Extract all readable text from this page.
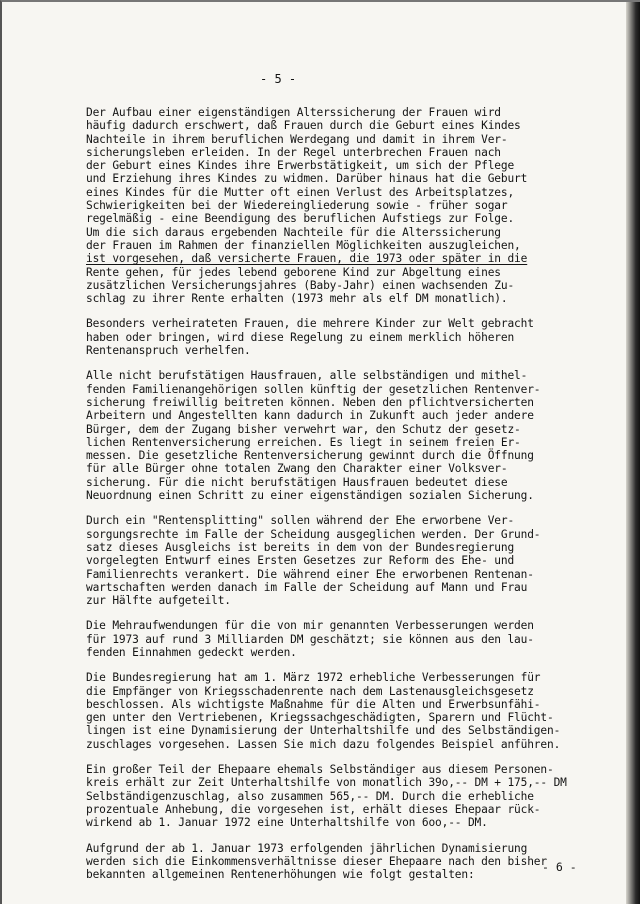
- 5 -
Der Aufbau einer eigenständigen Alterssicherung der Frauen wird
häufig dadurch erschwert, daß Frauen durch die Geburt eines Kindes
Nachteile in ihrem beruflichen Werdegang und damit in ihrem Ver-
sicherungsleben erleiden. In der Regel unterbrechen Frauen nach
der Geburt eines Kindes ihre Erwerbstätigkeit, um sich der Pflege
und Erziehung ihres Kindes zu widmen. Darüber hinaus hat die Geburt
eines Kindes für die Mutter oft einen Verlust des Arbeitsplatzes,
Schwierigkeiten bei der Wiedereingliederung sowie - früher sogar
regelmäßig - eine Beendigung des beruflichen Aufstiegs zur Folge.
Um die sich daraus ergebenden Nachteile für die Alterssicherung
der Frauen im Rahmen der finanziellen Möglichkeiten auszugleichen,
ist vorgesehen, daß versicherte Frauen, die 1973 oder später in die
Rente gehen, für jedes lebend geborene Kind zur Abgeltung eines
zusätzlichen Versicherungsjahres (Baby-Jahr) einen wachsenden Zu-
schlag zu ihrer Rente erhalten (1973 mehr als elf DM monatlich).
Besonders verheirateten Frauen, die mehrere Kinder zur Welt gebracht
haben oder bringen, wird diese Regelung zu einem merklich höheren
Rentenanspruch verhelfen.
Alle nicht berufstätigen Hausfrauen, alle selbständigen und mithel-
fenden Familienangehörigen sollen künftig der gesetzlichen Rentenver-
sicherung freiwillig beitreten können. Neben den pflichtversicherten
Arbeitern und Angestellten kann dadurch in Zukunft auch jeder andere
Bürger, dem der Zugang bisher verwehrt war, den Schutz der gesetz-
lichen Rentenversicherung erreichen. Es liegt in seinem freien Er-
messen. Die gesetzliche Rentenversicherung gewinnt durch die Öffnung
für alle Bürger ohne totalen Zwang den Charakter einer Volksver-
sicherung. Für die nicht berufstätigen Hausfrauen bedeutet diese
Neuordnung einen Schritt zu einer eigenständigen sozialen Sicherung.
Durch ein "Rentensplitting" sollen während der Ehe erworbene Ver-
sorgungsrechte im Falle der Scheidung ausgeglichen werden. Der Grund-
satz dieses Ausgleichs ist bereits in dem von der Bundesregierung
vorgelegten Entwurf eines Ersten Gesetzes zur Reform des Ehe- und
Familienrechts verankert. Die während einer Ehe erworbenen Rentenan-
wartschaften werden danach im Falle der Scheidung auf Mann und Frau
zur Hälfte aufgeteilt.
Die Mehraufwendungen für die von mir genannten Verbesserungen werden
für 1973 auf rund 3 Milliarden DM geschätzt; sie können aus den lau-
fenden Einnahmen gedeckt werden.
Die Bundesregierung hat am 1. März 1972 erhebliche Verbesserungen für
die Empfänger von Kriegsschadenrente nach dem Lastenausgleichsgesetz
beschlossen. Als wichtigste Maßnahme für die Alten und Erwerbsunfähi-
gen unter den Vertriebenen, Kriegssachgeschädigten, Sparern und Flücht-
lingen ist eine Dynamisierung der Unterhaltshilfe und des Selbständigen-
zuschlages vorgesehen. Lassen Sie mich dazu folgendes Beispiel anführen.
Ein großer Teil der Ehepaare ehemals Selbständiger aus diesem Personen-
kreis erhält zur Zeit Unterhaltshilfe von monatlich 39o,-- DM + 175,-- DM
Selbständigenzuschlag, also zusammen 565,-- DM. Durch die erhebliche
prozentuale Anhebung, die vorgesehen ist, erhält dieses Ehepaar rück-
wirkend ab 1. Januar 1972 eine Unterhaltshilfe von 6oo,-- DM.
Aufgrund der ab 1. Januar 1973 erfolgenden jährlichen Dynamisierung
werden sich die Einkommensverhältnisse dieser Ehepaare nach den bisher
bekannten allgemeinen Rentenerhöhungen wie folgt gestalten:
- 6 -
